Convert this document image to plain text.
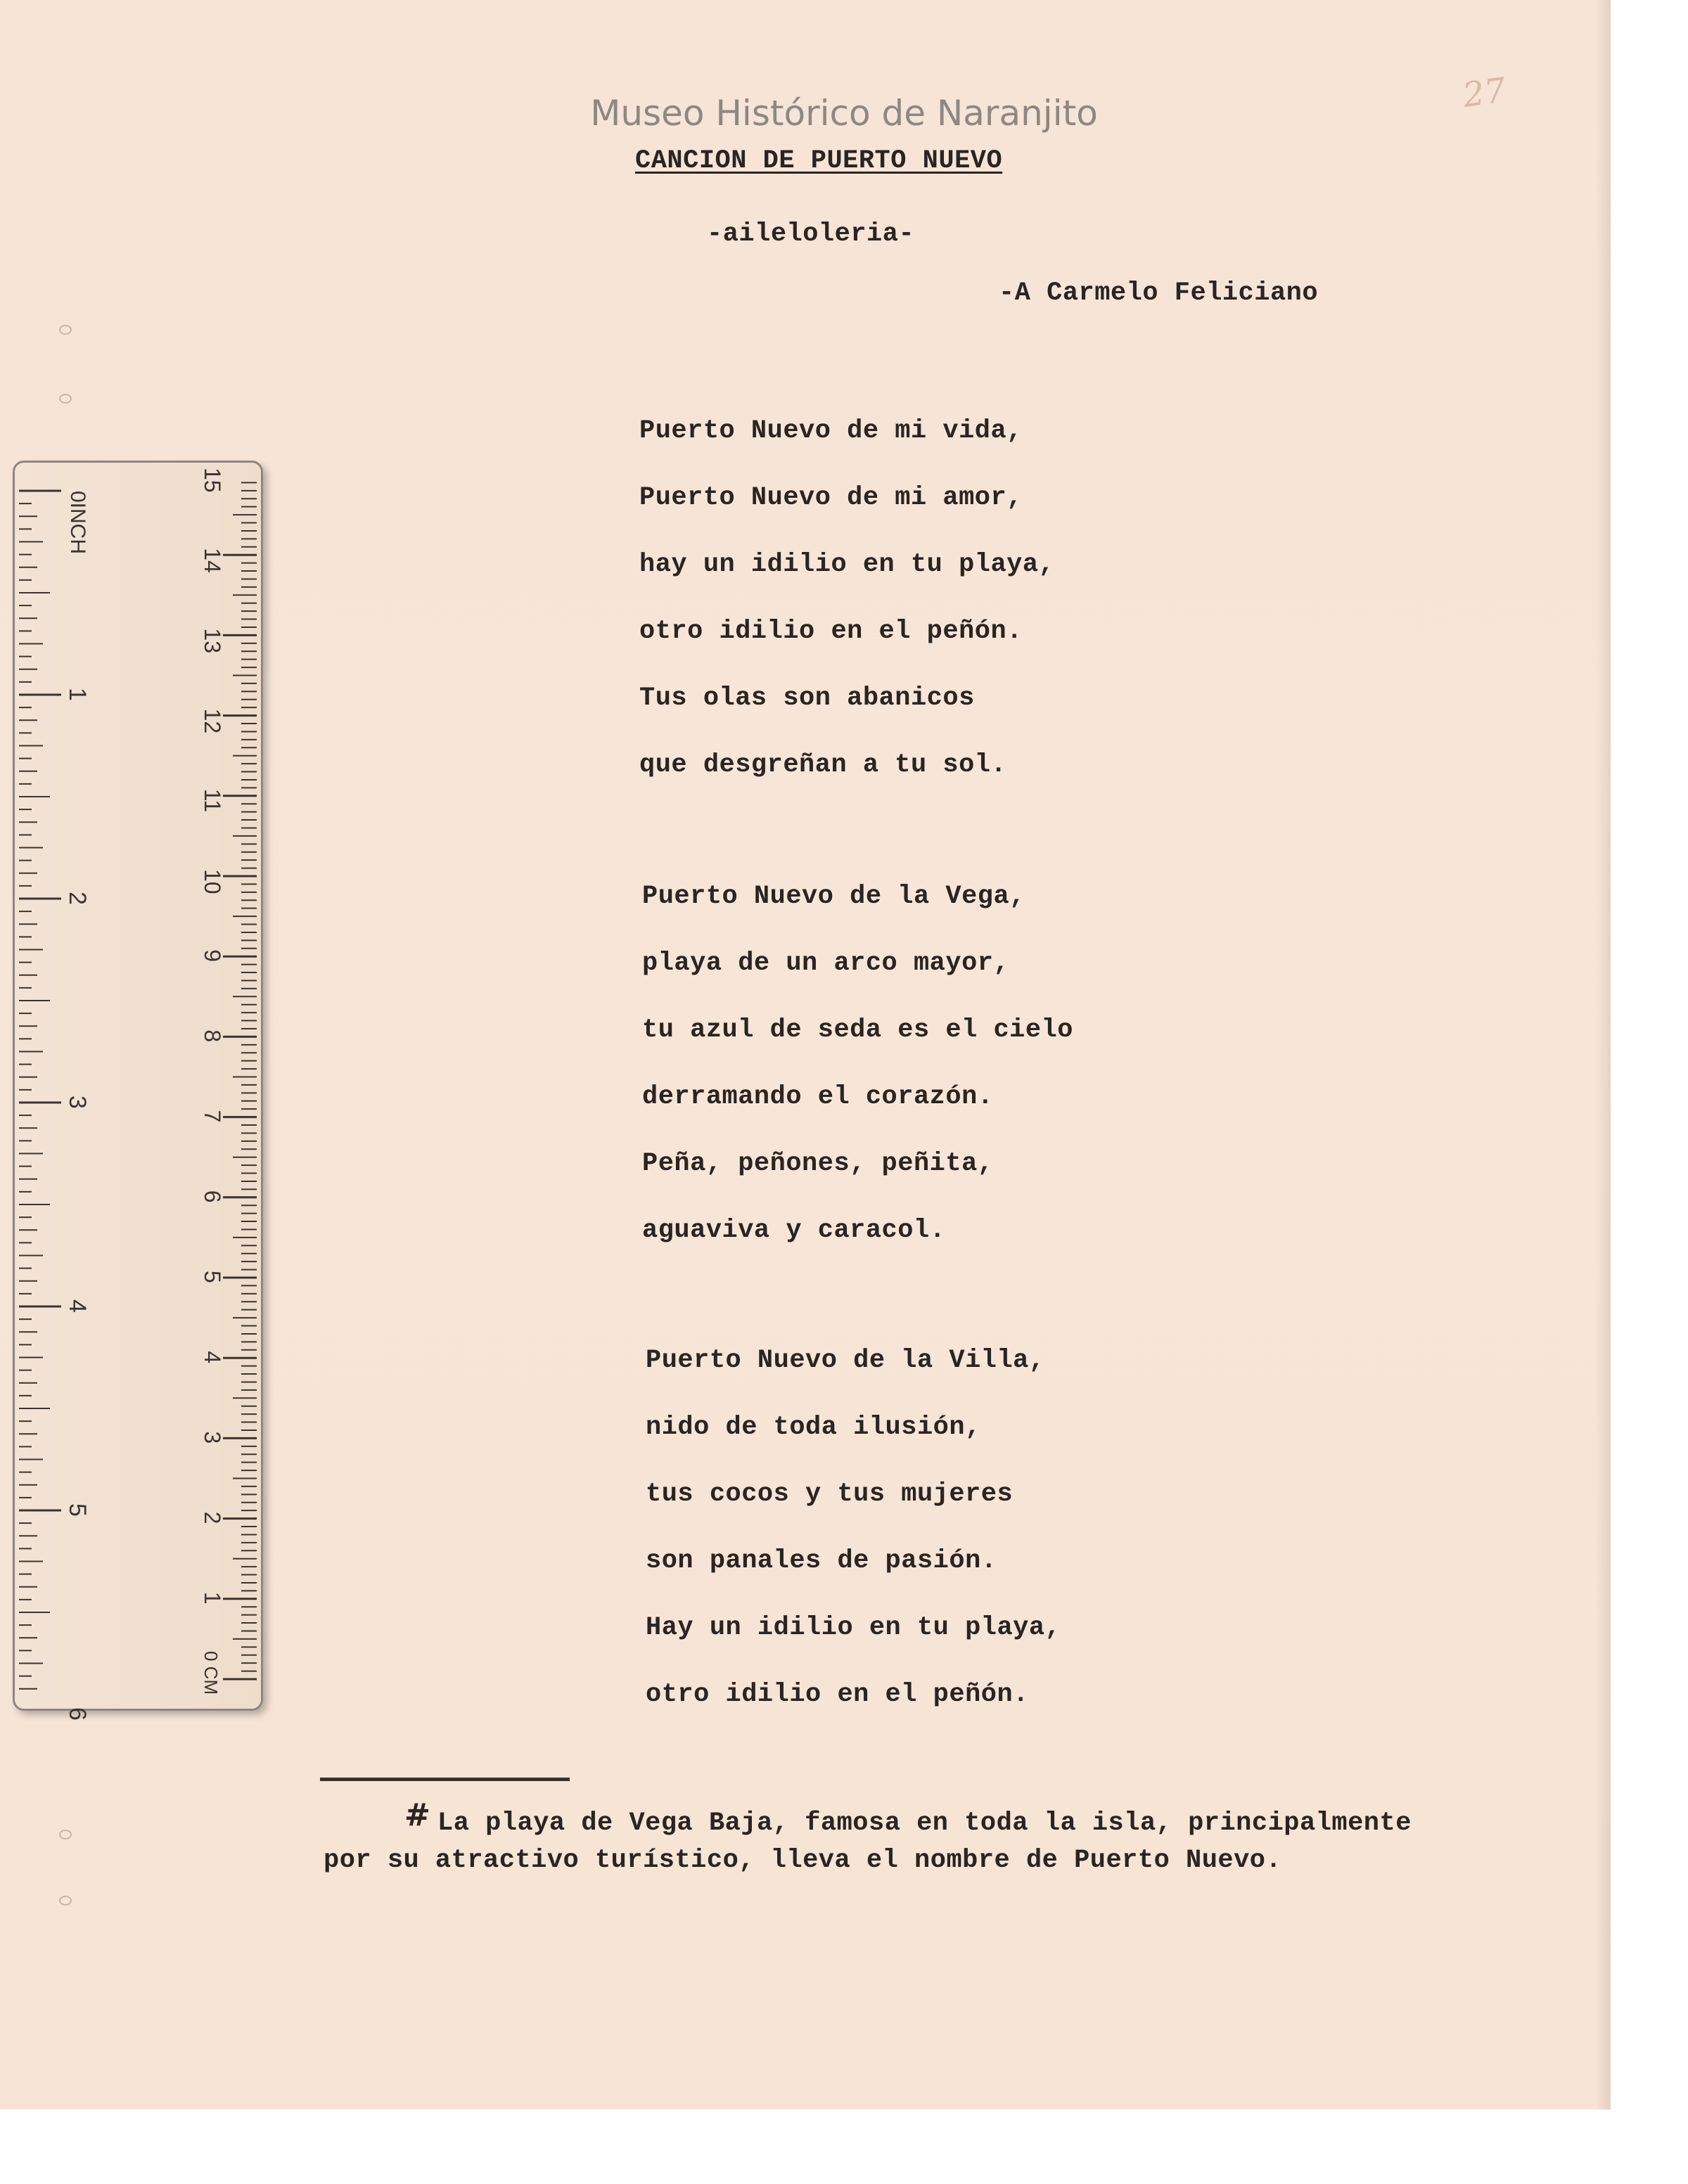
Museo Histórico de Naranjito	27
CANCION DE PUERTO NUEVO
-aileloleria-
-A Carmelo Feliciano
Puerto Nuevo de mi vida,
Puerto Nuevo de mi amor,
hay un idilio en tu playa,
otro idilio en el peñón.
Tus olas son abanicos
que desgreñan a tu sol.
Puerto Nuevo de la Vega,
playa de un arco mayor,
tu azul de seda es el cielo
derramando el corazón.
Peña, peñones, peñita,
aguaviva y caracol.
Puerto Nuevo de la Villa,
nido de toda ilusión,
tus cocos y tus mujeres
son panales de pasión.
Hay un idilio en tu playa,
otro idilio en el peñón.
# La playa de Vega Baja, famosa en toda la isla, principalmente
por su atractivo turístico, lleva el nombre de Puerto Nuevo.
0INCH
1
2
3
4
5
6
0 CM
1
2
3
4
5
6
7
8
9
10
11
12
13
14
15
